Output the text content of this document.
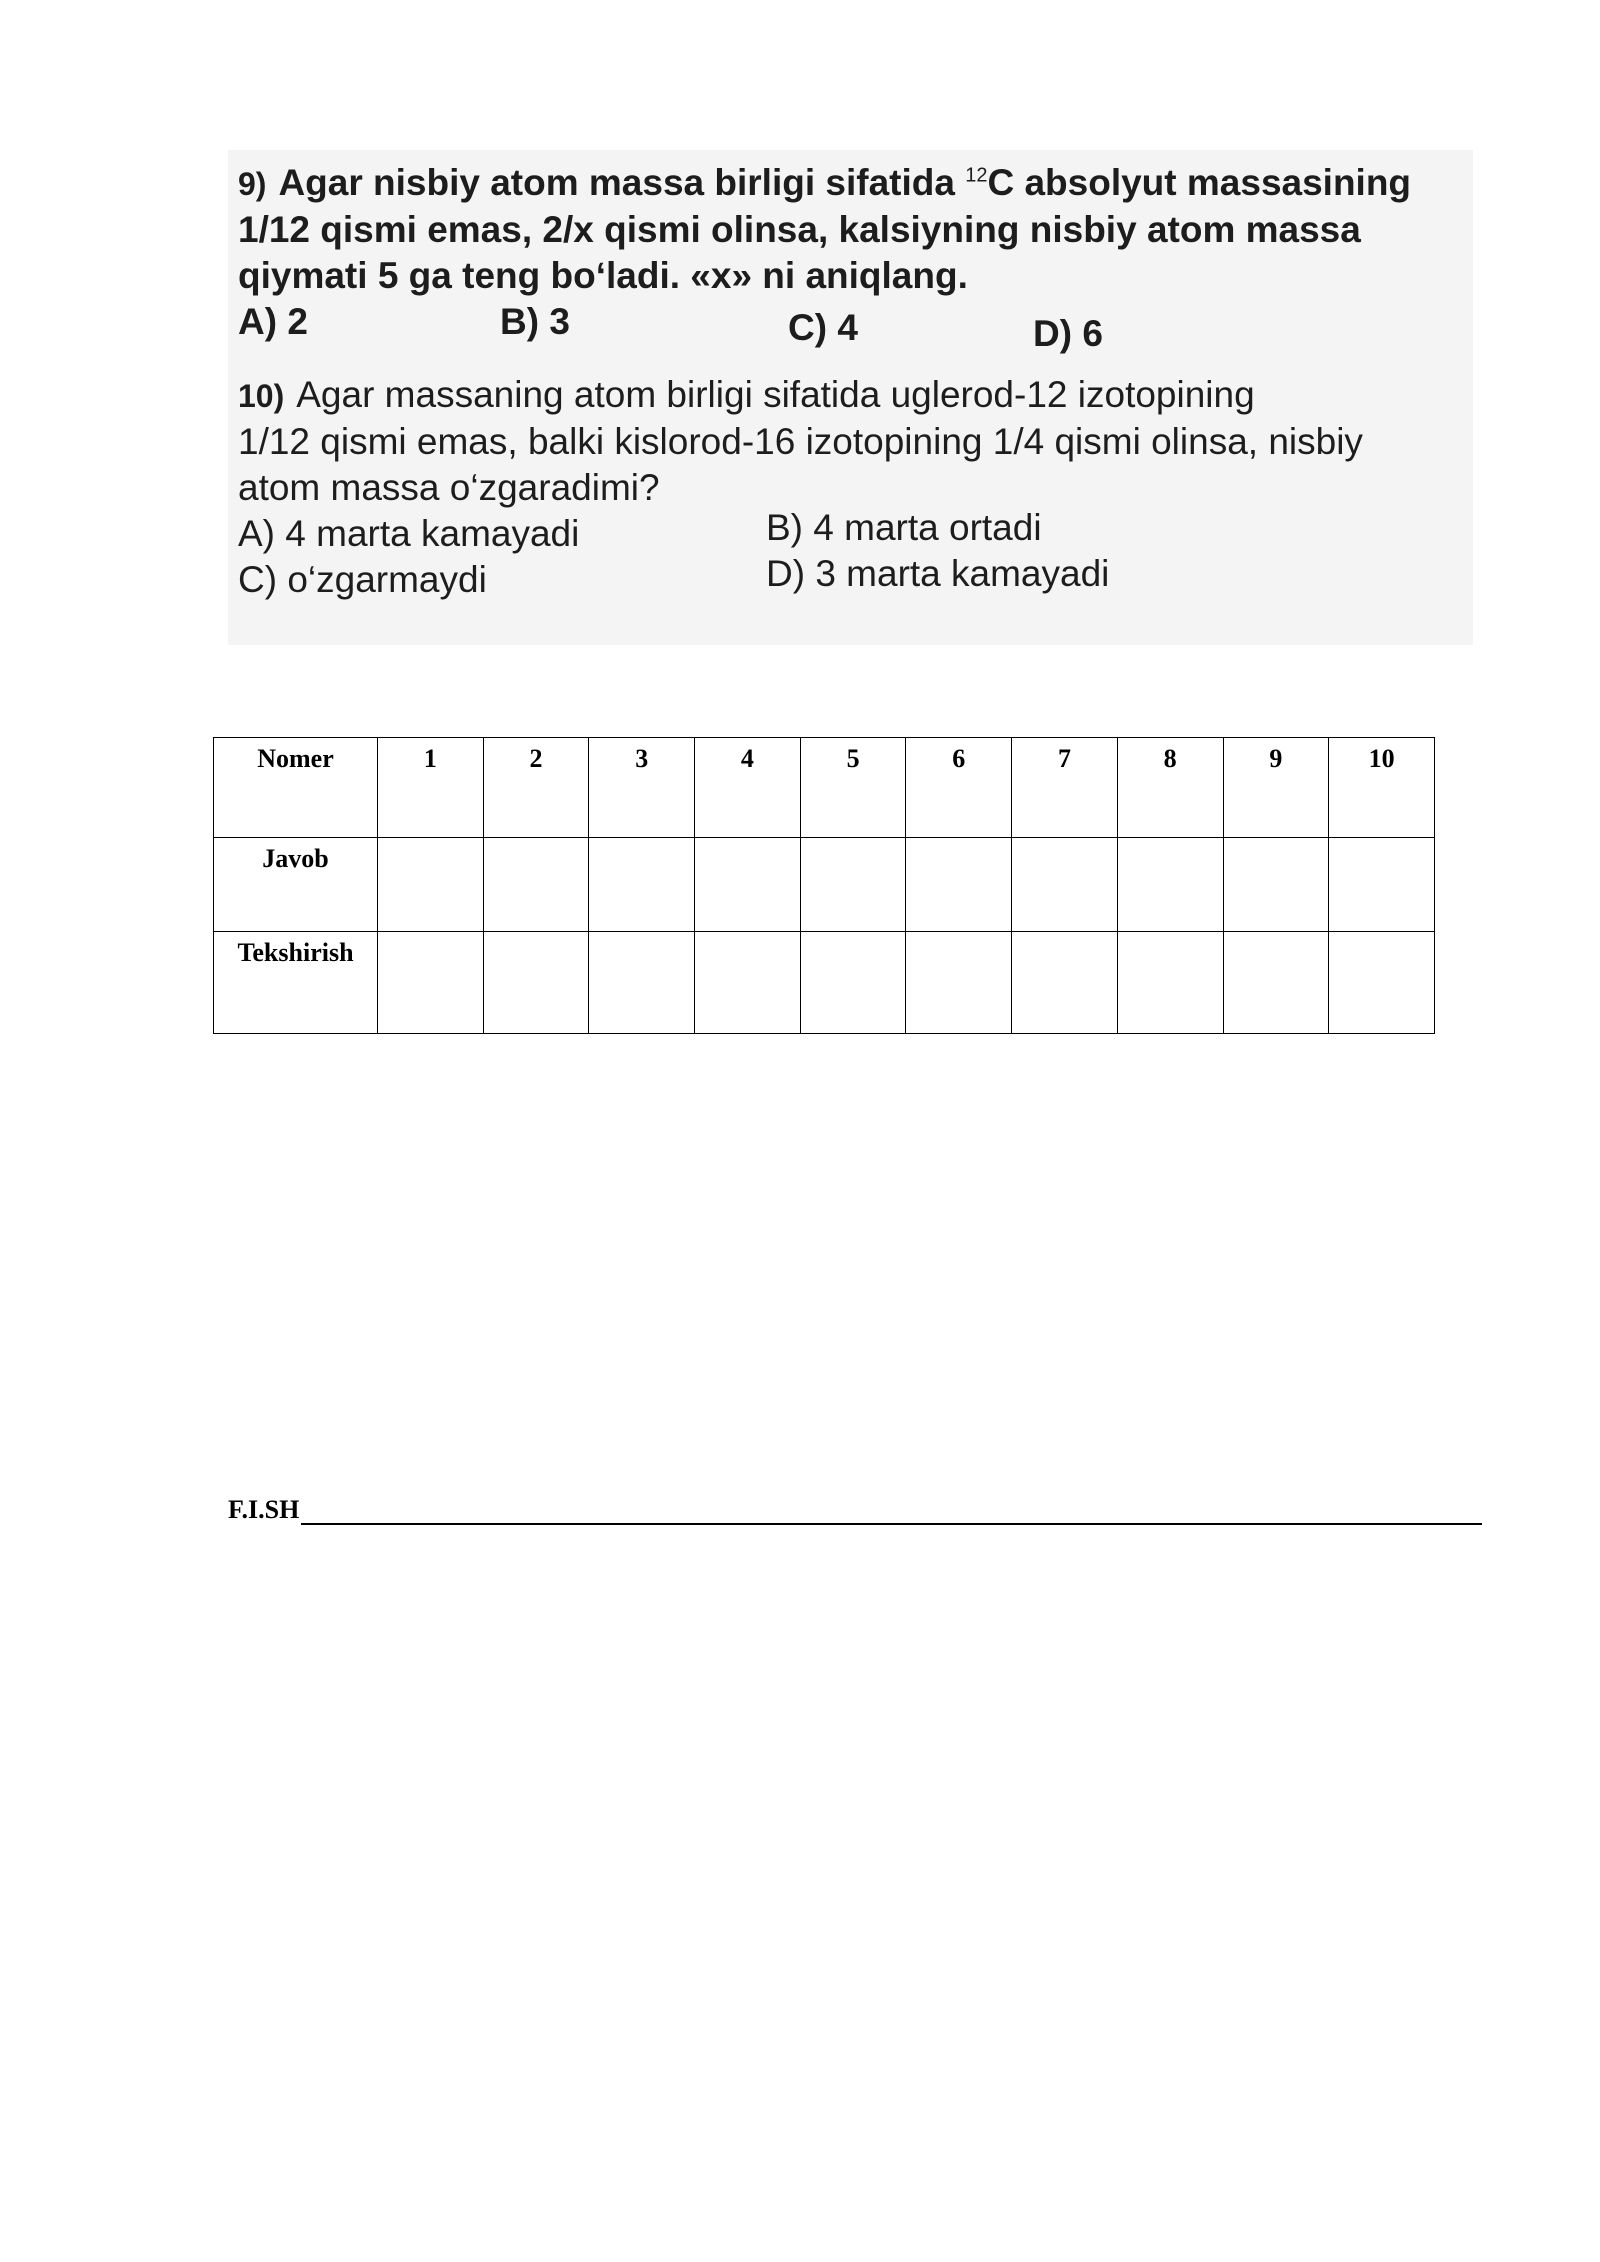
9) Agar nisbiy atom massa birligi sifatida $^{12}$C absolyut massasining
1/12 qismi emas, 2/x qismi olinsa, kalsiyning nisbiy atom massa
qiymati 5 ga teng bo‘ladi. «x» ni aniqlang.
A) 2	B) 3	C) 4	D) 6
10) Agar massaning atom birligi sifatida uglerod-12 izotopining
1/12 qismi emas, balki kislorod-16 izotopining 1/4 qismi olinsa, nisbiy
atom massa o‘zgaradimi?
A) 4 marta kamayadi	B) 4 marta ortadi
C) o‘zgarmaydi	D) 3 marta kamayadi
Nomer	1	2	3	4	5	6	7	8	9	10
Javob										
Tekshirish										
F.I.SH
